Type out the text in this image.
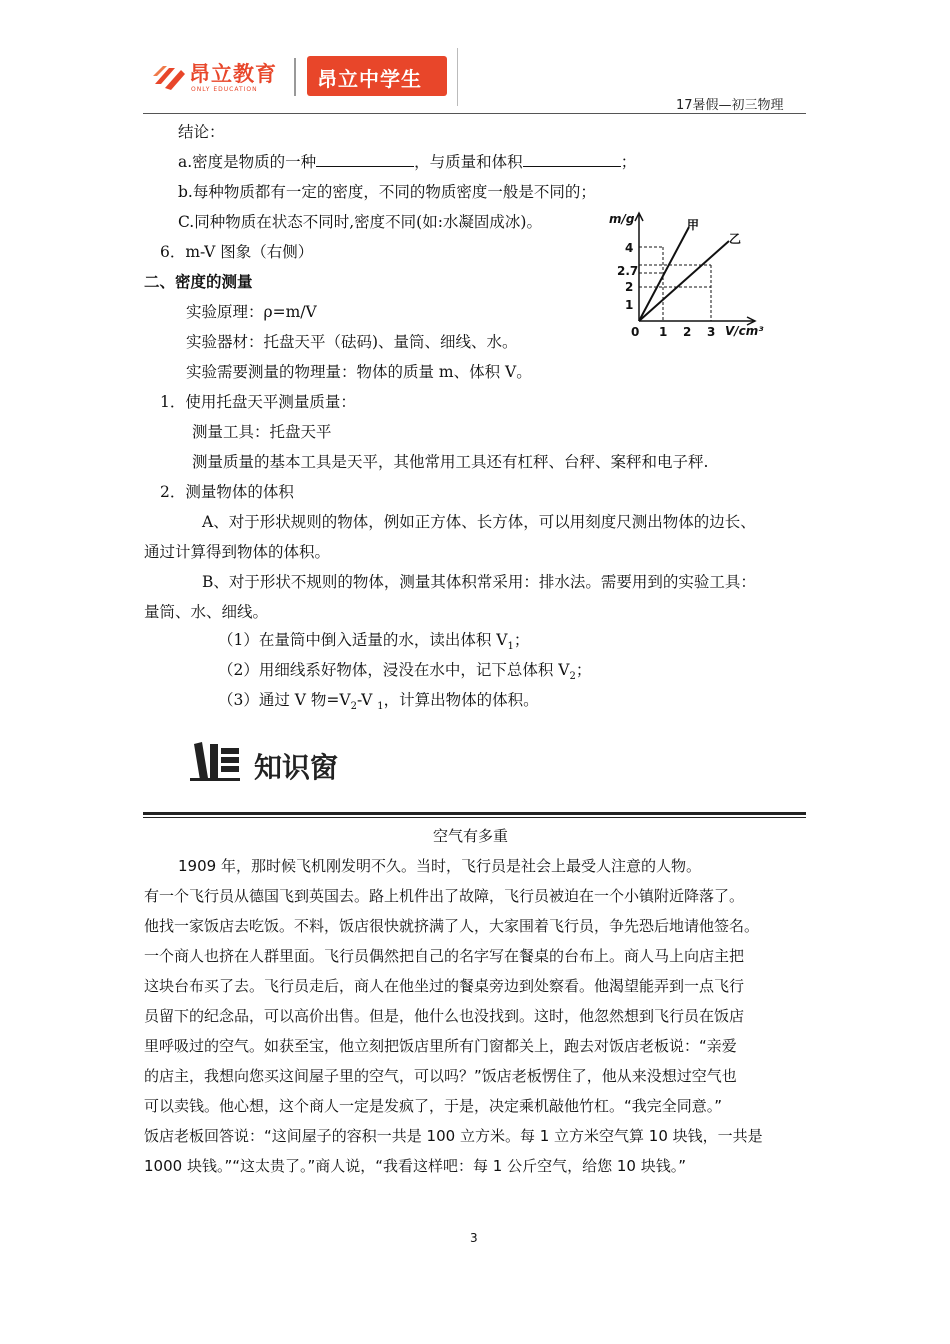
昂立教育
ONLY EDUCATION	昂立中学生
17暑假—初三物理
结论：
a.密度是物质的一种	，与质量和体积	；
b.每种物质都有一定的密度，不同的物质密度一般是不同的；
C.同种物质在状态不同时,密度不同(如:水凝固成冰)。
6．m-V 图象（右侧）
m/g
V/cm³
甲
乙
4
2.7
2
1
0 1 2 3
二、密度的测量
实验原理：ρ=m/V
实验器材：托盘天平（砝码)、量筒、细线、水。
实验需要测量的物理量：物体的质量 m、体积 V。
1．使用托盘天平测量质量：
测量工具：托盘天平
测量质量的基本工具是天平，其他常用工具还有杠秤、台秤、案秤和电子秤.
2．测量物体的体积
A、对于形状规则的物体，例如正方体、长方体，可以用刻度尺测出物体的边长、
通过计算得到物体的体积。
B、对于形状不规则的物体，测量其体积常采用：排水法。需要用到的实验工具：
量筒、水、细线。
（1）在量筒中倒入适量的水，读出体积 $V_1$；
（2）用细线系好物体，浸没在水中，记下总体积 $V_2$；
（3）通过 V 物$=V_2-V$ $_1$，计算出物体的体积。
知识窗
空气有多重
1909 年，那时候飞机刚发明不久。当时，飞行员是社会上最受人注意的人物。
有一个飞行员从德国飞到英国去。路上机件出了故障，飞行员被迫在一个小镇附近降落了。
他找一家饭店去吃饭。不料，饭店很快就挤满了人，大家围着飞行员，争先恐后地请他签名。
一个商人也挤在人群里面。飞行员偶然把自己的名字写在餐桌的台布上。商人马上向店主把
这块台布买了去。飞行员走后，商人在他坐过的餐桌旁边到处察看。他渴望能弄到一点飞行
员留下的纪念品，可以高价出售。但是，他什么也没找到。这时，他忽然想到飞行员在饭店
里呼吸过的空气。如获至宝，他立刻把饭店里所有门窗都关上，跑去对饭店老板说：“亲爱
的店主，我想向您买这间屋子里的空气，可以吗？”饭店老板愣住了，他从来没想过空气也
可以卖钱。他心想，这个商人一定是发疯了，于是，决定乘机敲他竹杠。“我完全同意。”
饭店老板回答说：“这间屋子的容积一共是 100 立方米。每 1 立方米空气算 10 块钱，一共是
1000 块钱。”“这太贵了。”商人说，“我看这样吧：每 1 公斤空气，给您 10 块钱。”
3
